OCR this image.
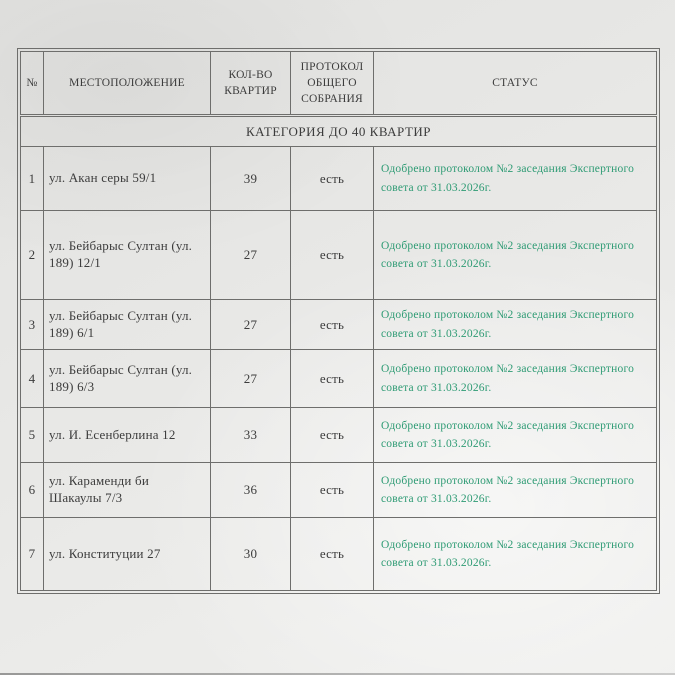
№	МЕСТОПОЛОЖЕНИЕ	КОЛ-ВО КВАРТИР	ПРОТОКОЛ ОБЩЕГО СОБРАНИЯ	СТАТУС
КАТЕГОРИЯ ДО 40 КВАРТИР				
1	ул. Акан серы 59/1	39	есть	Одобрено протоколом №2 заседания Экспертного совета от 31.03.2026г.
2	ул. Бейбарыс Султан (ул. 189) 12/1	27	есть	Одобрено протоколом №2 заседания Экспертного совета от 31.03.2026г.
3	ул. Бейбарыс Султан (ул. 189) 6/1	27	есть	Одобрено протоколом №2 заседания Экспертного совета от 31.03.2026г.
4	ул. Бейбарыс Султан (ул. 189) 6/3	27	есть	Одобрено протоколом №2 заседания Экспертного совета от 31.03.2026г.
5	ул. И. Есенберлина 12	33	есть	Одобрено протоколом №2 заседания Экспертного совета от 31.03.2026г.
6	ул. Караменди би Шакаулы 7/3	36	есть	Одобрено протоколом №2 заседания Экспертного совета от 31.03.2026г.
7	ул. Конституции 27	30	есть	Одобрено протоколом №2 заседания Экспертного совета от 31.03.2026г.
